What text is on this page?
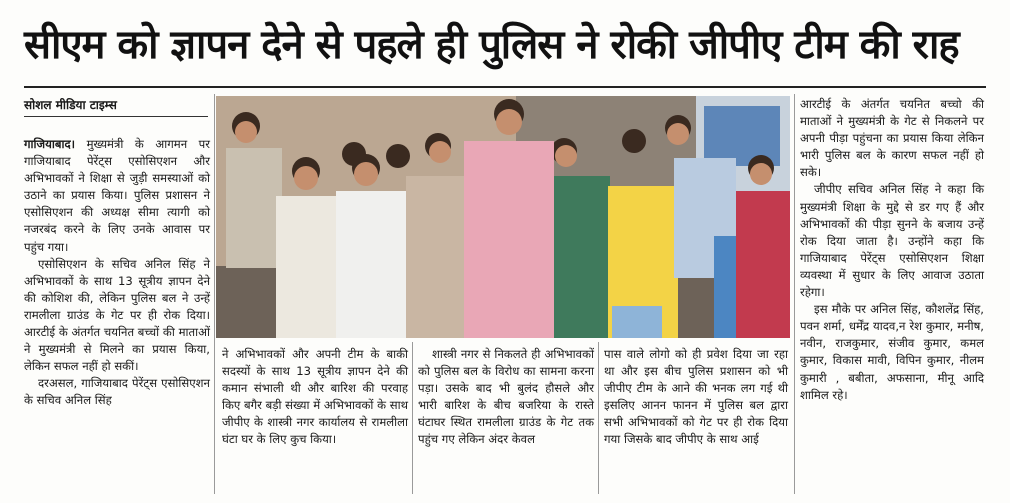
सीएम को ज्ञापन देने से पहले ही पुलिस ने रोकी जीपीए टीम की राह
सोशल मीडिया टाइम्स

गाजियाबाद। मुख्यमंत्री के आगमन पर गाजियाबाद पेरेंट्स एसोसिएशन और अभिभावकों ने शिक्षा से जुड़ी समस्याओं को उठाने का प्रयास किया। पुलिस प्रशासन ने एसोसिएशन की अध्यक्ष सीमा त्यागी को नजरबंद करने के लिए उनके आवास पर पहुंच गया।

एसोसिएशन के सचिव अनिल सिंह ने अभिभावकों के साथ 13 सूत्रीय ज्ञापन देने की कोशिश की, लेकिन पुलिस बल ने उन्हें रामलीला ग्राउंड के गेट पर ही रोक दिया। आरटीई के अंतर्गत चयनित बच्चों की माताओं ने मुख्यमंत्री से मिलने का प्रयास किया, लेकिन सफल नहीं हो सकीं।

दरअसल, गाजियाबाद पेरेंट्स एसोसिएशन के सचिव अनिल सिंह

ने अभिभावकों और अपनी टीम के बाकी सदस्यों के साथ 13 सूत्रीय ज्ञापन देने की कमान संभाली थी और बारिश की परवाह किए बगैर बड़ी संख्या में अभिभावकों के साथ जीपीए के शास्त्री नगर कार्यालय से रामलीला घंटा घर के लिए कुच किया।

शास्त्री नगर से निकलते ही अभिभावकों को पुलिस बल के विरोध का सामना करना पड़ा। उसके बाद भी बुलंद हौसले और भारी बारिश के बीच बजरिया के रास्ते घंटाघर स्थित रामलीला ग्राउंड के गेट तक पहुंच गए लेकिन अंदर केवल

पास वाले लोगो को ही प्रवेश दिया जा रहा था और इस बीच पुलिस प्रशासन को भी जीपीए टीम के आने की भनक लग गई थी इसलिए आनन फानन में पुलिस बल द्वारा सभी अभिभावकों को गेट पर ही रोक दिया गया जिसके बाद जीपीए के साथ आई

आरटीई के अंतर्गत चयनित बच्चो की माताओं ने मुख्यमंत्री के गेट से निकलने पर अपनी पीड़ा पहुंचना का प्रयास किया लेकिन भारी पुलिस बल के कारण सफल नहीं हो सके।

जीपीए सचिव अनिल सिंह ने कहा कि मुख्यमंत्री शिक्षा के मुद्दे से डर गए हैं और अभिभावकों की पीड़ा सुनने के बजाय उन्हें रोक दिया जाता है। उन्होंने कहा कि गाजियाबाद पेरेंट्स एसोसिएशन शिक्षा व्यवस्था में सुधार के लिए आवाज उठाता रहेगा।

इस मौके पर अनिल सिंह, कौशलेंद्र सिंह, पवन शर्मा, धर्मेंद्र यादव,न रेश कुमार, मनीष, नवीन, राजकुमार, संजीव कुमार, कमल कुमार, विकास मावी, विपिन कुमार, नीलम कुमारी , बबीता, अफसाना, मीनू आदि शामिल रहे।
